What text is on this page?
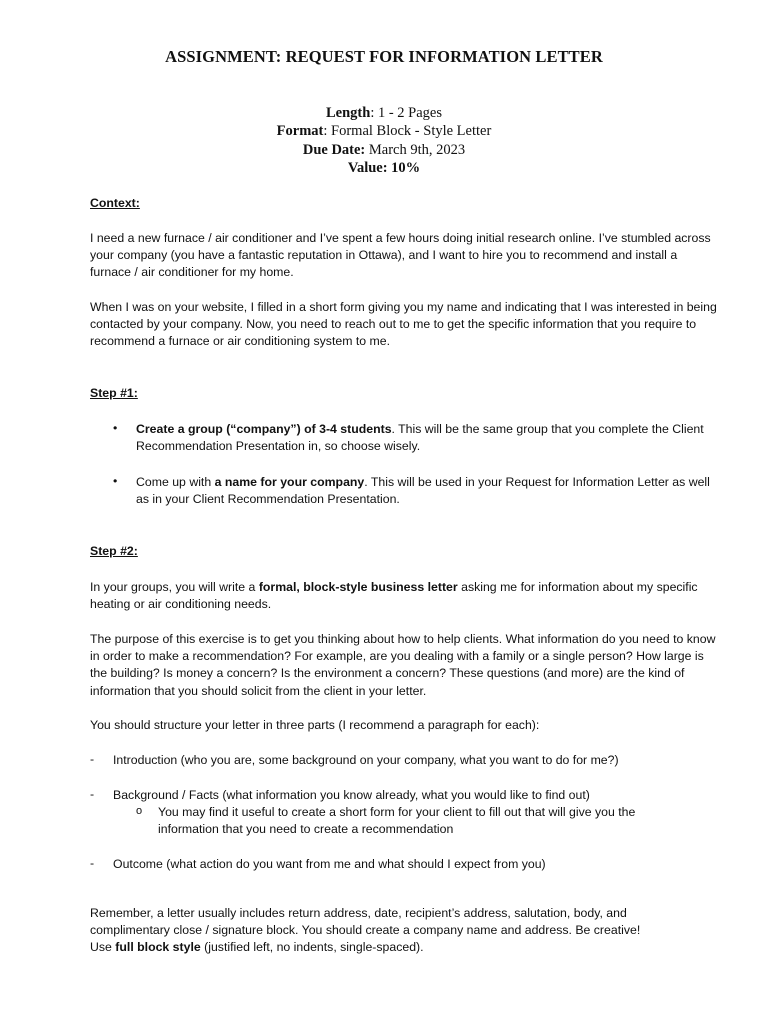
ASSIGNMENT: REQUEST FOR INFORMATION LETTER
Length: 1 - 2 Pages
Format: Formal Block - Style Letter
Due Date: March 9th, 2023
Value: 10%
Context:
I need a new furnace / air conditioner and I’ve spent a few hours doing initial research online. I’ve stumbled across your company (you have a fantastic reputation in Ottawa), and I want to hire you to recommend and install a furnace / air conditioner for my home.
When I was on your website, I filled in a short form giving you my name and indicating that I was interested in being contacted by your company. Now, you need to reach out to me to get the specific information that you require to recommend a furnace or air conditioning system to me.
Step #1:
• Create a group (“company”) of 3-4 students. This will be the same group that you complete the Client Recommendation Presentation in, so choose wisely.
• Come up with a name for your company. This will be used in your Request for Information Letter as well as in your Client Recommendation Presentation.
Step #2:
In your groups, you will write a formal, block-style business letter asking me for information about my specific heating or air conditioning needs.
The purpose of this exercise is to get you thinking about how to help clients. What information do you need to know in order to make a recommendation? For example, are you dealing with a family or a single person? How large is the building? Is money a concern? Is the environment a concern? These questions (and more) are the kind of information that you should solicit from the client in your letter.
You should structure your letter in three parts (I recommend a paragraph for each):
- Introduction (who you are, some background on your company, what you want to do for me?)
- Background / Facts (what information you know already, what you would like to find out)
o You may find it useful to create a short form for your client to fill out that will give you the information that you need to create a recommendation
- Outcome (what action do you want from me and what should I expect from you)
Remember, a letter usually includes return address, date, recipient’s address, salutation, body, and complimentary close / signature block. You should create a company name and address. Be creative!
Use full block style (justified left, no indents, single-spaced).
